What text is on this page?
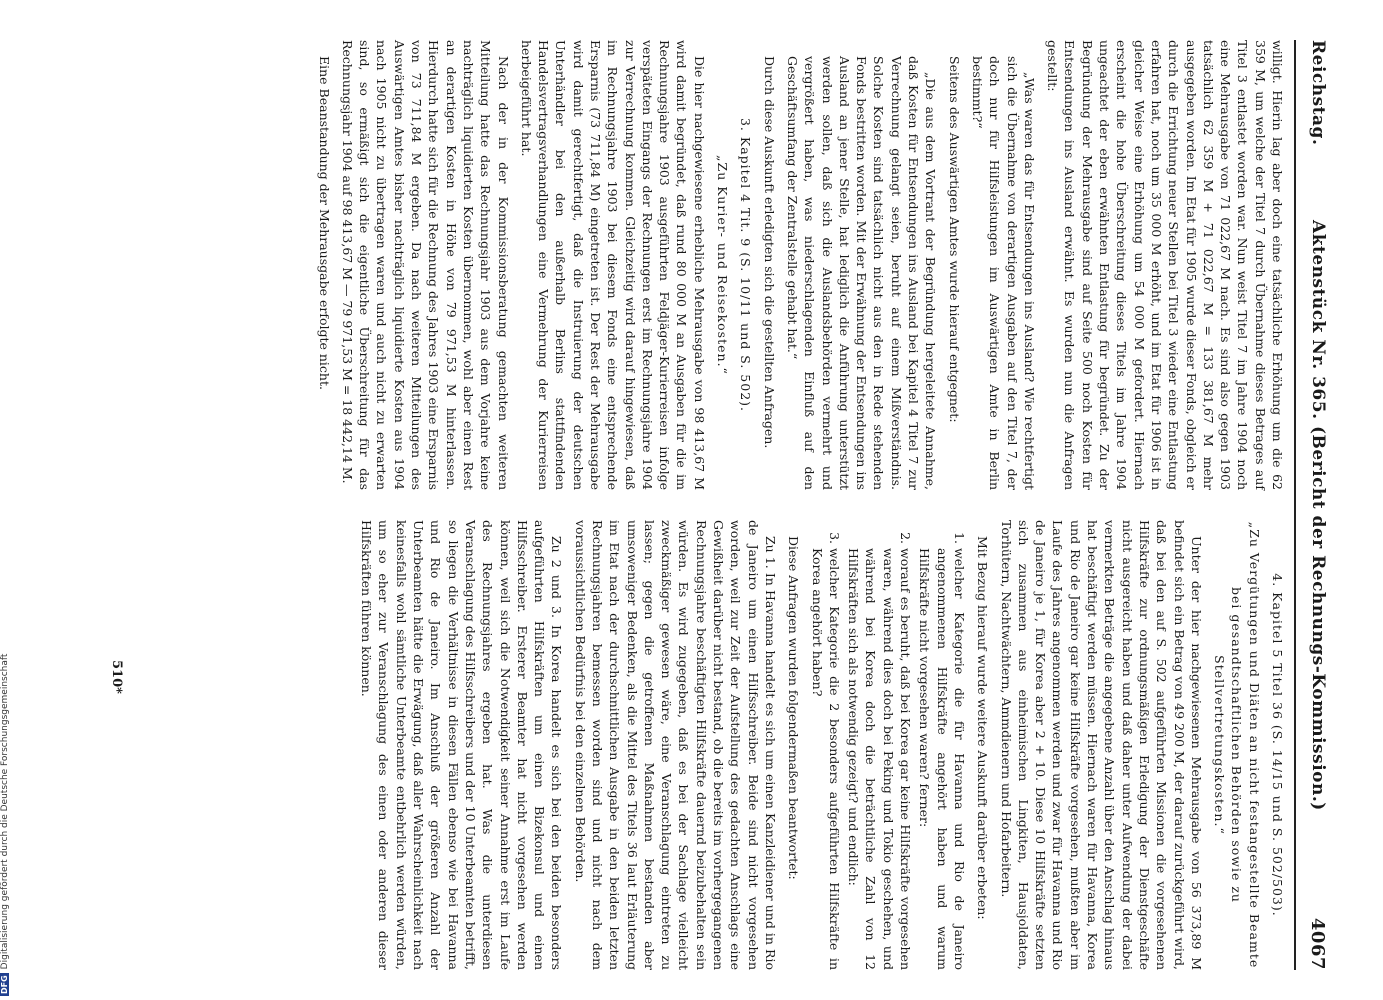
DFGDigitalisierung gefördert durch die Deutsche Forschungsgemeinschaft
Reichstag.
Aktenstück Nr. 365. (Bericht der Rechnungs-Kommission.)
4067

willigt. Hierin lag aber doch eine tatsächliche Erhöhung um die 62 359 M, um welche der Titel 7 durch Übernahme dieses Betrages auf Titel 3 entlastet worden war. Nun weist Titel 7 im Jahre 1904 noch eine Mehrausgabe von 71 022,67 M nach. Es sind also gegen 1903 tatsächlich 62 359 M + 71 022,67 M = 133 381,67 M mehr ausgegeben worden. Im Etat für 1905 wurde dieser Fonds, obgleich er durch die Errichtung neuer Stellen bei Titel 3 wieder eine Entlastung erfahren hat, noch um 35 000 M erhöht, und im Etat für 1906 ist in gleicher Weise eine Erhöhung um 54 000 M gefordert. Hiernach erscheint die hohe Überschreitung dieses Titels im Jahre 1904 ungeachtet der eben erwähnten Entlastung für begründet. Zu der Begründung der Mehrausgabe sind auf Seite 500 noch Kosten für Entsendungen ins Ausland erwähnt. Es wurden nun die Anfragen gestellt:

„Was waren das für Entsendungen ins Ausland? Wie rechtfertigt sich die Übernahme von derartigen Ausgaben auf den Titel 7, der doch nur für Hilfsleistungen im Auswärtigen Amte in Berlin bestimmt?“

Seitens des Auswärtigen Amtes wurde hierauf entgegnet:

„Die aus dem Vortrant der Begründung hergeleitete Annahme, daß Kosten für Entsendungen ins Ausland bei Kapitel 4 Titel 7 zur Verrechnung gelangt seien, beruht auf einem Mißverständnis. Solche Kosten sind tatsächlich nicht aus den in Rede stehenden Fonds bestritten worden. Mit der Erwähnung der Entsendungen ins Ausland an jener Stelle, hat lediglich die Anführung unterstützt werden sollen, daß sich die Auslandsbehörden vermehrt und vergrößert haben, was niederschlagenden Einfluß auf den Geschäftsumfang der Zentralstelle gehabt hat.“

Durch diese Auskunft erledigten sich die gestellten Anfragen.

3. Kapitel 4 Tit. 9 (S. 10/11 und S. 502).

„Zu Kurier- und Reisekosten.“

Die hier nachgewiesene erhebliche Mehrausgabe von 98 413,67 M wird damit begründet, daß rund 80 000 M an Ausgaben für die im Rechnungsjahre 1903 ausgeführten Feldjäger-Kurierreisen infolge verspäteten Eingangs der Rechnungen erst im Rechnungsjahre 1904 zur Verrechnung kommen. Gleichzeitig wird darauf hingewiesen, daß im Rechnungsjahre 1903 bei diesem Fonds eine entsprechende Ersparnis (73 711,84 M) eingetreten ist. Der Rest der Mehrausgabe wird damit gerechtfertigt, daß die Instruierung der deutschen Unterhändler bei den außerhalb Berlins stattfindenden Handelsvertragsverhandlungen eine Vermehrung der Kurierreisen herbeigeführt hat.

Nach der in der Kommissionsberatung gemachten weiteren Mitteilung hatte das Rechnungsjahr 1903 aus dem Vorjahre keine nachträglich liquidierten Kosten übernommen, wohl aber einen Rest an derartigen Kosten in Höhe von 79 971,53 M hinterlassen. Hierdurch hatte sich für die Rechnung des Jahres 1903 eine Ersparnis von 73 711,84 M ergeben. Da nach weiteren Mitteilungen des Auswärtigen Amtes bisher nachträglich liquidierte Kosten aus 1904 nach 1905 nicht zu übertragen waren und auch nicht zu erwarten sind, so ermäßigt sich die eigentliche Überschreitung für das Rechnungsjahr 1904 auf 98 413,67 M — 79 971,53 M = 18 442,14 M.

Eine Beanstandung der Mehrausgabe erfolgte nicht.

4. Kapitel 5 Titel 36 (S. 14/15 und S. 502/503).

„Zu Vergütungen und Diäten an nicht festangestellte Beamte bei gesandtschaftlichen Behörden sowie zu Stellvertretungskosten.“

Unter der hier nachgewiesenen Mehrausgabe von 56 373,89 M befindet sich ein Betrag von 49 200 M, der darauf zurückgeführt wird, daß bei den auf S. 502 aufgeführten Missionen die vorgesehenen Hilfskräfte zur ordnungsmäßigen Erledigung der Dienstgeschäfte nicht ausgereicht haben und daß daher unter Aufwendung der dabei vermerkten Beträge die angegebene Anzahl über den Anschlag hinaus hat beschäftigt werden müssen. Hiernach waren für Havanna, Korea und Rio de Janeiro gar keine Hilfskräfte vorgesehen, mußten aber im Laufe des Jahres angenommen werden und zwar für Havanna und Rio de Janeiro je 1, für Korea aber 2 + 10. Diese 10 Hilfskräfte setzten sich zusammen aus einheimischen Lingkiten, Hausjoldaten, Torhütern, Nachtwächtern, Ammdienern und Hofarbeitern.

Mit Bezug hierauf wurde weitere Auskunft darüber erbeten:

1. welcher Kategorie die für Havanna und Rio de Janeiro angenommenen Hilfskräfte angehört haben und warum Hilfskräfte nicht vorgesehen waren? ferner:
2. worauf es beruht, daß bei Korea gar keine Hilfskräfte vorgesehen waren, während dies doch bei Peking und Tokio geschehen, und während bei Korea doch die beträchtliche Zahl von 12 Hilfskräften sich als notwendig gezeigt? und endlich:
3. welcher Kategorie die 2 besonders aufgeführten Hilfskräfte in Korea angehört haben?

Diese Anfragen wurden folgendermaßen beantwortet:

Zu 1. In Havanna handelt es sich um einen Kanzleidiener und in Rio de Janeiro um einen Hilfsschreiber. Beide sind nicht vorgesehen worden, weil zur Zeit der Aufstellung des gedachten Anschlags eine Gewißheit darüber nicht bestand, ob die bereits im vorhergegangenen Rechnungsjahre beschäftigten Hilfskräfte dauernd beizubehalten sein würden. Es wird zugegeben, daß es bei der Sachlage vielleicht zweckmäßiger gewesen wäre, eine Veranschlagung eintreten zu lassen; gegen die getroffenen Maßnahmen bestanden aber umsoweniger Bedenken, als die Mittel des Titels 36 laut Erläuterung im Etat nach der durchschnittlichen Ausgabe in den beiden letzten Rechnungsjahren bemessen worden sind und nicht nach dem voraussichtlichen Bedürfnis bei den einzelnen Behörden.

Zu 2 und 3. In Korea handelt es sich bei den beiden besonders aufgeführten Hilfskräften um einen Bizekonsul und einen Hilfsschreiber. Ersterer Beamter hat nicht vorgesehen werden können, weil sich die Notwendigkeit seiner Annahme erst im Laufe des Rechnungsjahres ergeben hat. Was die unterdiesen Veranschlagung des Hilfsschreibers und der 10 Unterbeamten betrifft, so liegen die Verhältnisse in diesen Fällen ebenso wie bei Havanna und Rio de Janeiro. Im Anschluß der größeren Anzahl der Unterbeamten hätte die Erwägung, daß aller Wahrscheinlichkeit nach keinesfalls wohl sämtliche Unterbeamte entbehrlich werden würden, um so eher zur Veranschlagung des einen oder anderen dieser Hilfskräften führen können.

510*
